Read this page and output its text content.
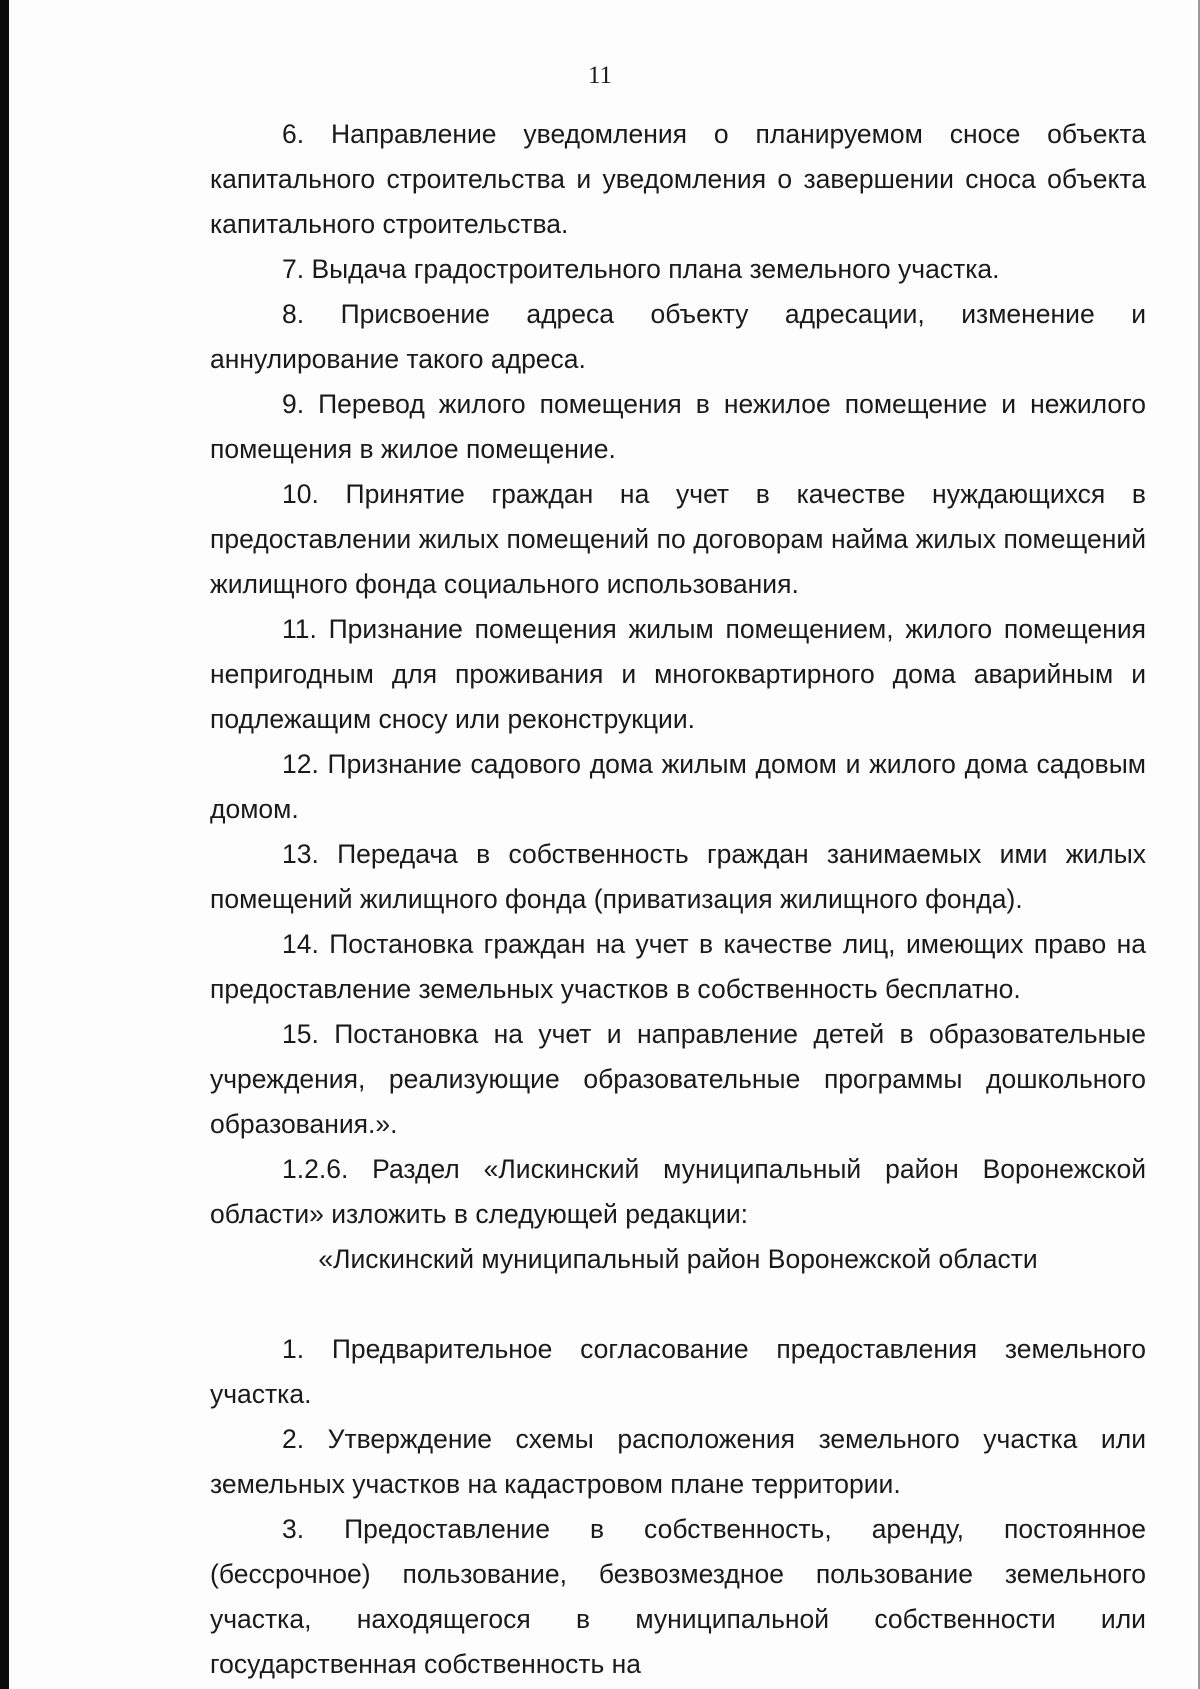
11

6. Направление уведомления о планируемом сносе объекта капитального строительства и уведомления о завершении сноса объекта капитального строительства.

7. Выдача градостроительного плана земельного участка.

8. Присвоение адреса объекту адресации, изменение и аннулирование такого адреса.

9. Перевод жилого помещения в нежилое помещение и нежилого помещения в жилое помещение.

10. Принятие граждан на учет в качестве нуждающихся в предоставлении жилых помещений по договорам найма жилых помещений жилищного фонда социального использования.

11. Признание помещения жилым помещением, жилого помещения непригодным для проживания и многоквартирного дома аварийным и подлежащим сносу или реконструкции.

12. Признание садового дома жилым домом и жилого дома садовым домом.

13. Передача в собственность граждан занимаемых ими жилых помещений жилищного фонда (приватизация жилищного фонда).

14. Постановка граждан на учет в качестве лиц, имеющих право на предоставление земельных участков в собственность бесплатно.

15. Постановка на учет и направление детей в образовательные учреждения, реализующие образовательные программы дошкольного образования.».

1.2.6. Раздел «Лискинский муниципальный район Воронежской области» изложить в следующей редакции:

«Лискинский муниципальный район Воронежской области

1. Предварительное согласование предоставления земельного участка.

2. Утверждение схемы расположения земельного участка или земельных участков на кадастровом плане территории.

3. Предоставление в собственность, аренду, постоянное (бессрочное) пользование, безвозмездное пользование земельного участка, находящегося в муниципальной собственности или государственная собственность на
